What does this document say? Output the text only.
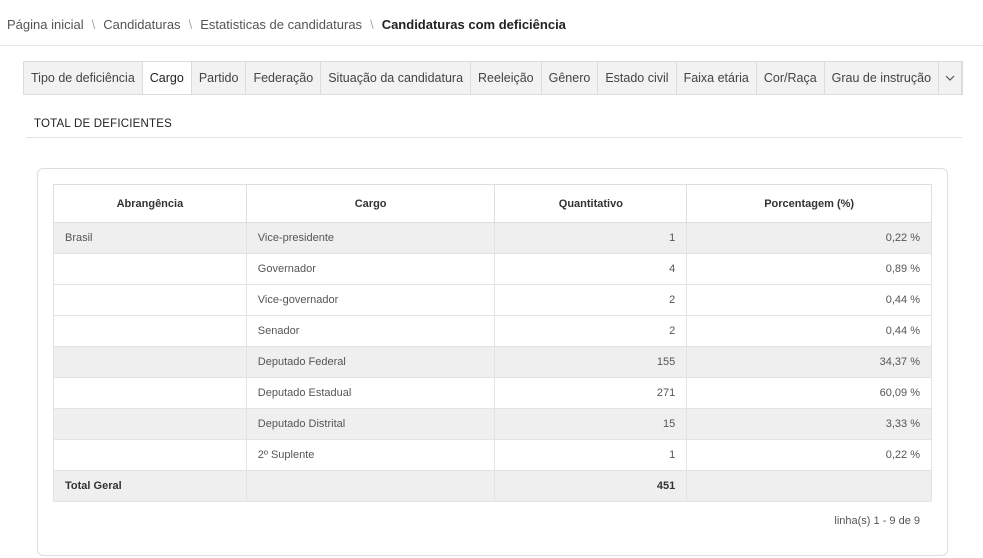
Página inicial \ Candidaturas \ Estatisticas de candidaturas \ Candidaturas com deficiência
Tipo de deficiência	Cargo	Partido	Federação	Situação da candidatura	Reeleição	Gênero	Estado civil	Faixa etária	Cor/Raça	Grau de instrução
TOTAL DE DEFICIENTES
Abrangência	Cargo	Quantitativo	Porcentagem (%)
Brasil	Vice-presidente	1	0,22 %
	Governador	4	0,89 %
	Vice-governador	2	0,44 %
	Senador	2	0,44 %
	Deputado Federal	155	34,37 %
	Deputado Estadual	271	60,09 %
	Deputado Distrital	15	3,33 %
	2º Suplente	1	0,22 %
Total Geral		451	
linha(s) 1 - 9 de 9
